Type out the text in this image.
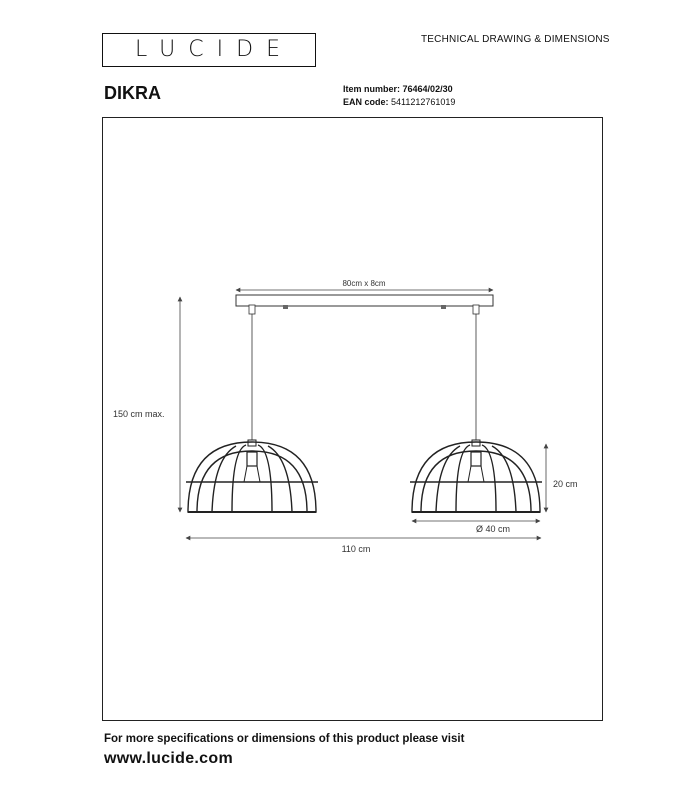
LUCIDE	TECHNICAL DRAWING & DIMENSIONS
DIKRA	Item number: 76464/02/30
EAN code: 5411212761019
80cm x 8cm
150 cm max.
20 cm
Ø 40 cm
110 cm
For more specifications or dimensions of this product please visit
www.lucide.com
